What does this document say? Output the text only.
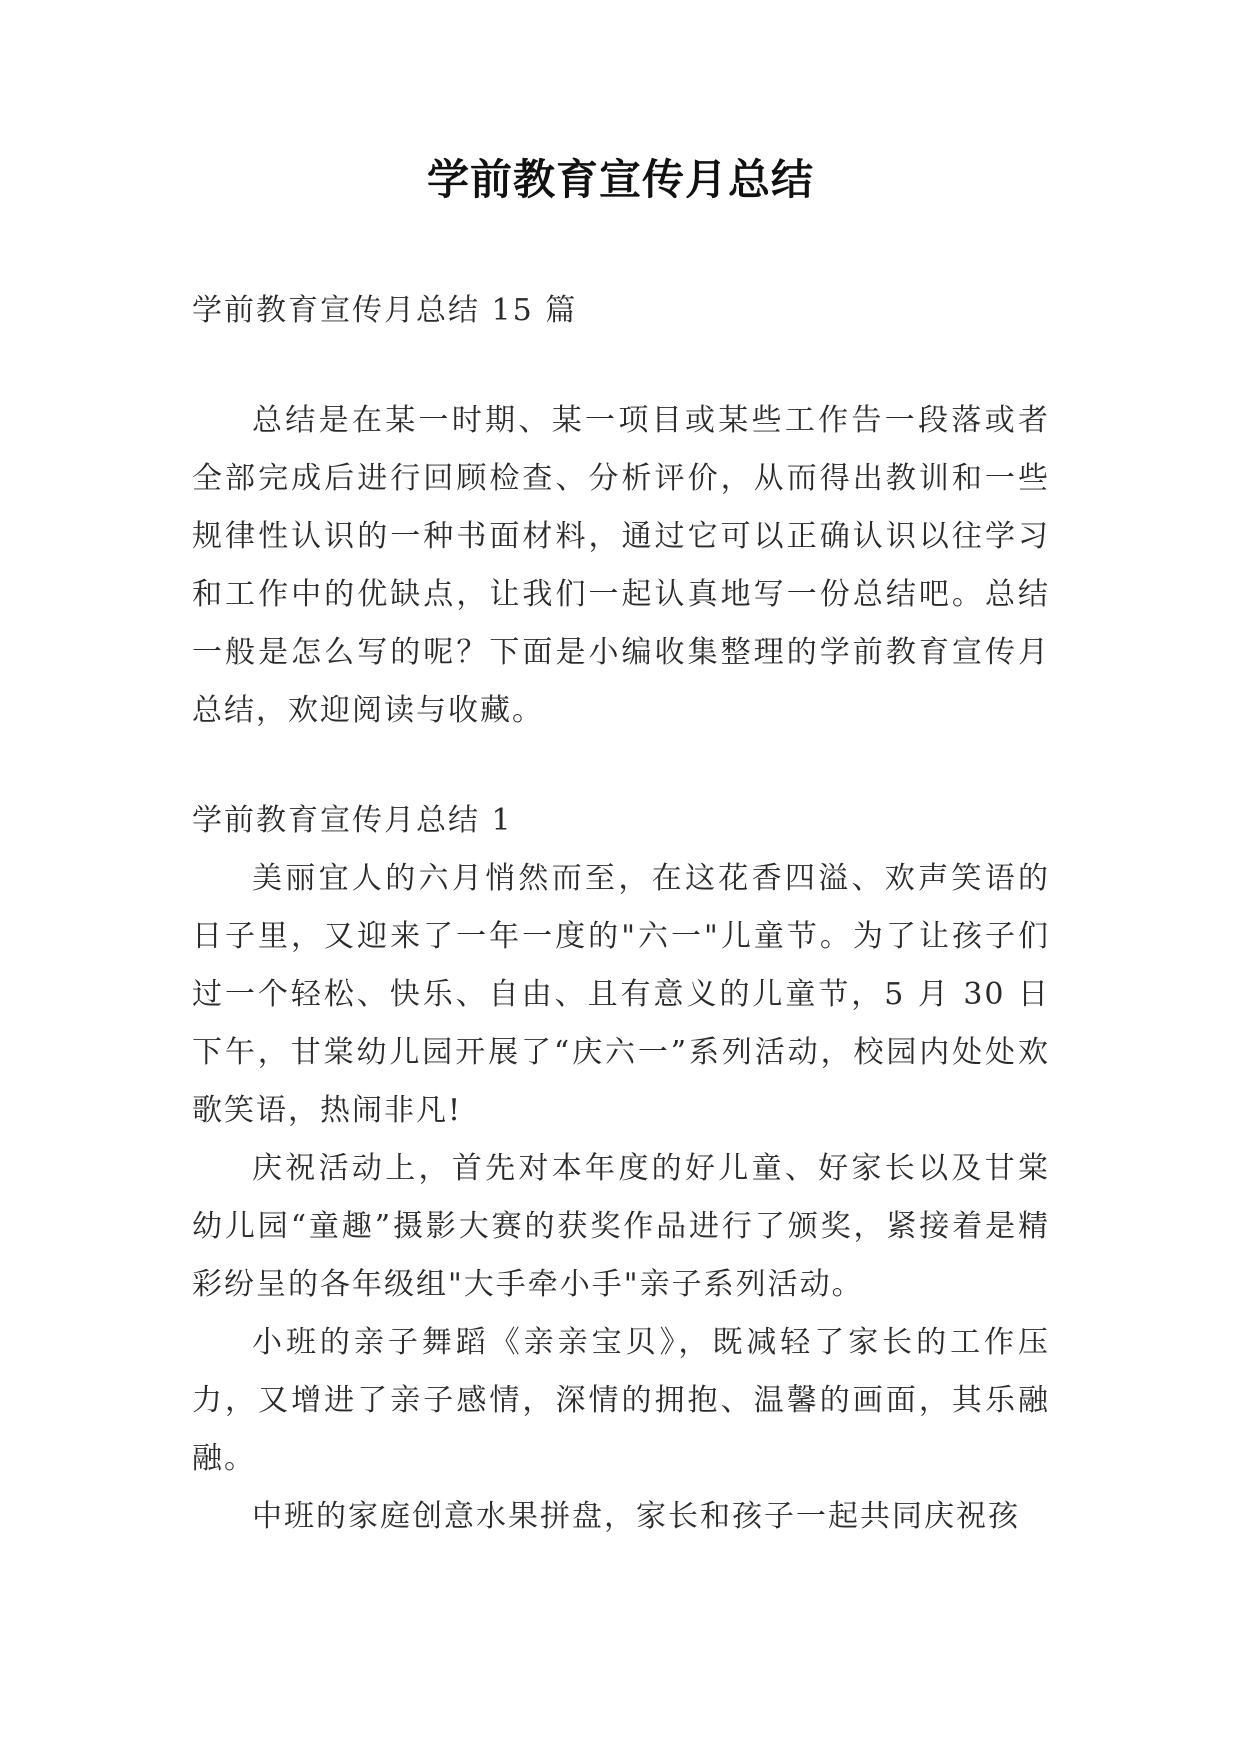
学前教育宣传月总结

学前教育宣传月总结 15 篇

总结是在某一时期、某一项目或某些工作告一段落或者全部完成后进行回顾检查、分析评价，从而得出教训和一些规律性认识的一种书面材料，通过它可以正确认识以往学习和工作中的优缺点，让我们一起认真地写一份总结吧。总结一般是怎么写的呢？下面是小编收集整理的学前教育宣传月总结，欢迎阅读与收藏。

学前教育宣传月总结 1

美丽宜人的六月悄然而至，在这花香四溢、欢声笑语的日子里，又迎来了一年一度的"六一"儿童节。为了让孩子们过一个轻松、快乐、自由、且有意义的儿童节，5 月 30 日下午，甘棠幼儿园开展了“庆六一”系列活动，校园内处处欢歌笑语，热闹非凡!

庆祝活动上，首先对本年度的好儿童、好家长以及甘棠幼儿园“童趣”摄影大赛的获奖作品进行了颁奖，紧接着是精彩纷呈的各年级组"大手牵小手"亲子系列活动。

小班的亲子舞蹈《亲亲宝贝》，既减轻了家长的工作压力，又增进了亲子感情，深情的拥抱、温馨的画面，其乐融融。

中班的家庭创意水果拼盘，家长和孩子一起共同庆祝孩
